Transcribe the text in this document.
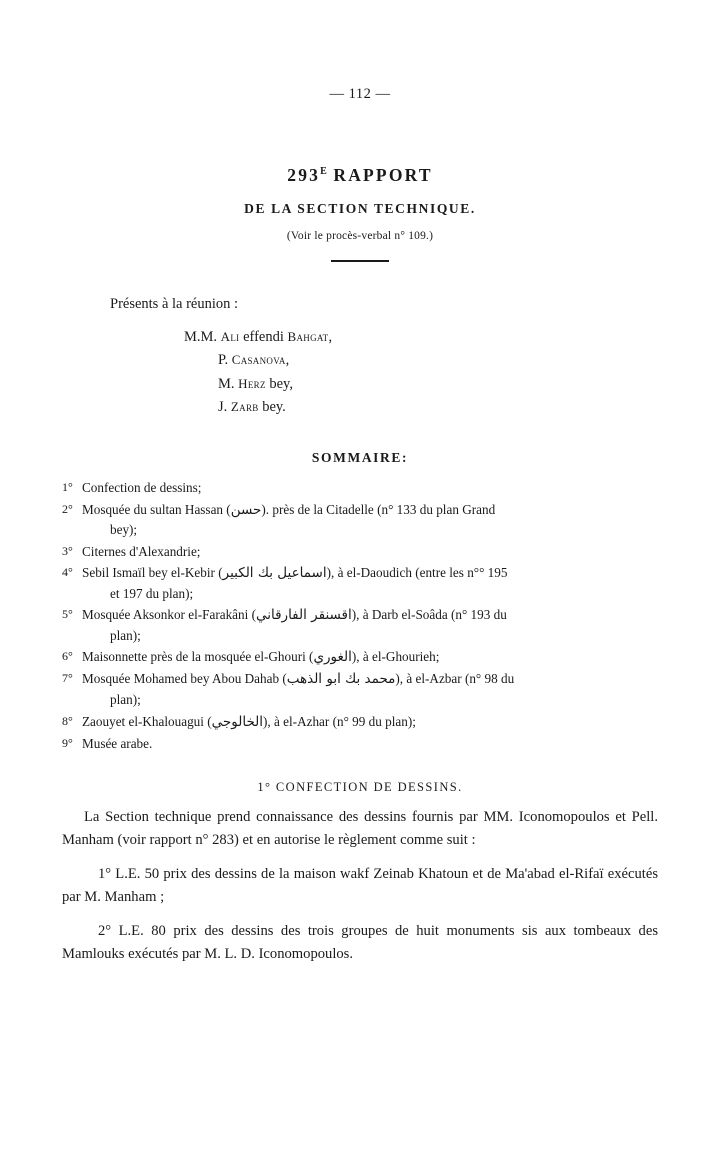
— 112 —
$293^E$ RAPPORT
DE LA SECTION TECHNIQUE.
(Voir le procès-verbal n° 109.)
Présents à la réunion :
M.M. Ali effendi Bahgat,
P. Casanova,
M. Herz bey,
J. Zarb bey.
SOMMAIRE:
1° Confection de dessins;
2° Mosquée du sultan Hassan (حسن). près de la Citadelle (n° 133 du plan Grand
bey);
3° Citernes d'Alexandrie;
4° Sebil Ismaïl bey el-Kebir (اسماعيل بك الكبير), à el-Daoudich (entre les n°° 195
et 197 du plan);
5° Mosquée Aksonkor el-Farakâni (اقسنقر الفارقاني), à Darb el-Soâda (n° 193 du
plan);
6° Maisonnette près de la mosquée el-Ghouri (الغوري), à el-Ghourieh;
7° Mosquée Mohamed bey Abou Dahab (محمد بك ابو الذهب), à el-Azbar (n° 98 du
plan);
8° Zaouyet el-Khalouagui (الخالوجي), à el-Azhar (n° 99 du plan);
9° Musée arabe.
1° CONFECTION DE DESSINS.
La Section technique prend connaissance des dessins fournis par MM. Iconomopoulos et Pell. Manham (voir rapport n° 283) et en autorise le règlement comme suit :
1° L.E. 50 prix des dessins de la maison wakf Zeinab Khatoun et de Ma'abad el-Rifaï exécutés par M. Manham ;
2° L.E. 80 prix des dessins des trois groupes de huit monuments sis aux tombeaux des Mamlouks exécutés par M. L. D. Iconomopoulos.
